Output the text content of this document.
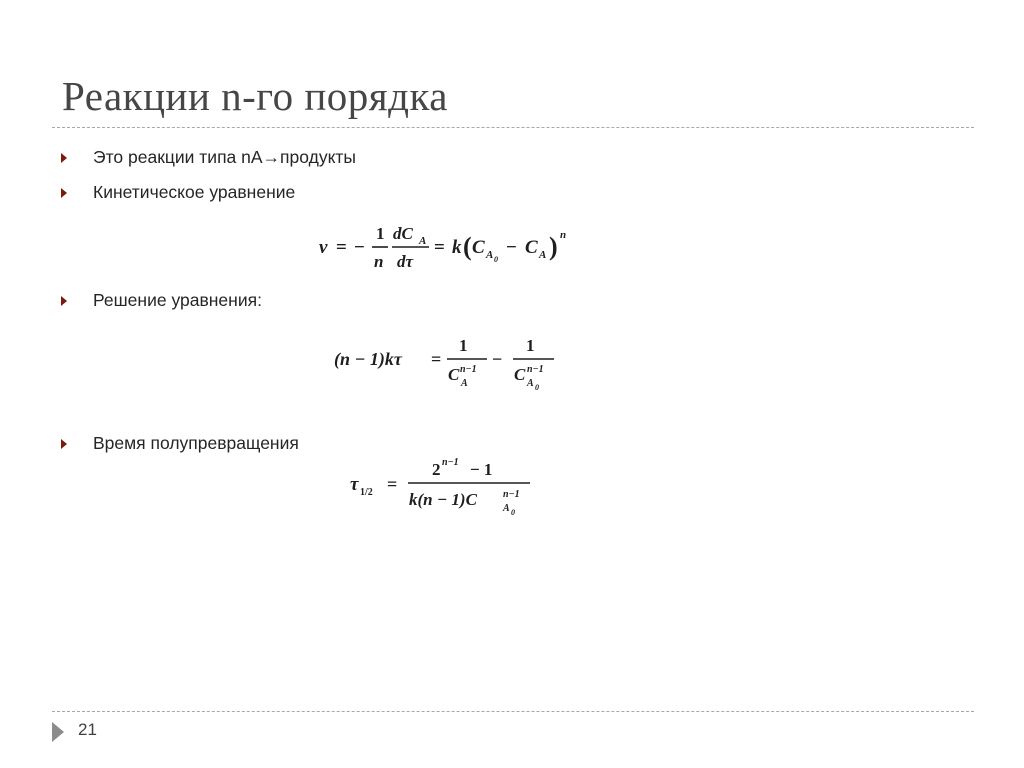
Реакции n-го порядка
Это реакции типа nA→продукты
Кинетическое уравнение
v = −
1
n
dC A
dτ
= k ( C A 0
− C A ) n
Решение уравнения:
(n − 1)kτ =
1
C n−1
A
−
1
C n−1
A 0
Время полупревращения
τ 1/2 =
2 n−1 − 1
k(n − 1)C	n−1
A 0
21
